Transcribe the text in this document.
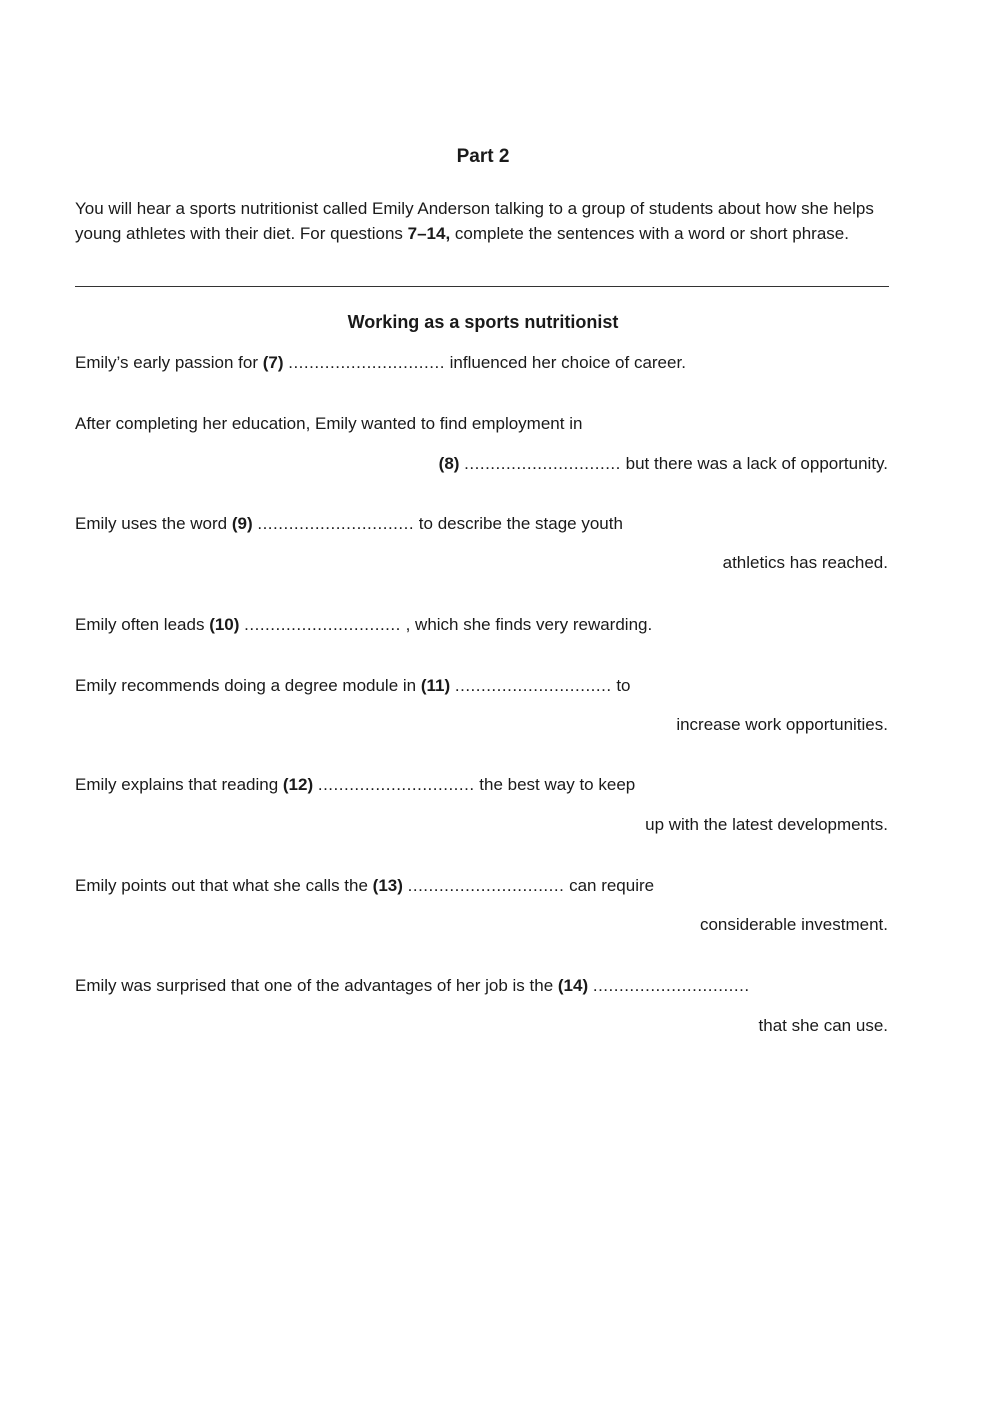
Part 2
You will hear a sports nutritionist called Emily Anderson talking to a group of students about how she helps young athletes with their diet. For questions 7–14, complete the sentences with a word or short phrase.
Working as a sports nutritionist
Emily’s early passion for (7) .............................. influenced her choice of career.
After completing her education, Emily wanted to find employment in
(8) .............................. but there was a lack of opportunity.
Emily uses the word (9) .............................. to describe the stage youth
athletics has reached.
Emily often leads (10) .............................. , which she finds very rewarding.
Emily recommends doing a degree module in (11) .............................. to
increase work opportunities.
Emily explains that reading (12) .............................. the best way to keep
up with the latest developments.
Emily points out that what she calls the (13) .............................. can require
considerable investment.
Emily was surprised that one of the advantages of her job is the (14) ..............................
that she can use.
